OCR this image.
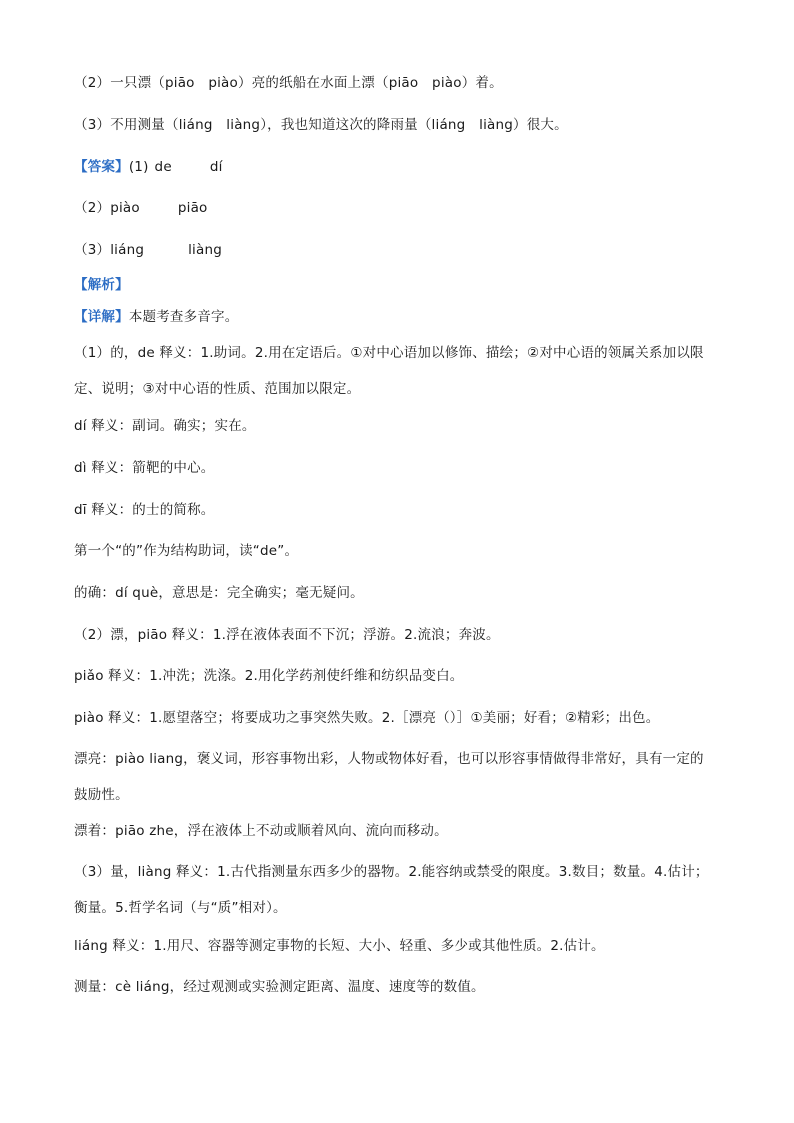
（2）一只漂（piāo　piào）亮的纸船在水面上漂（piāo　piào）着。
（3）不用测量（liáng　liàng），我也知道这次的降雨量（liáng　liàng）很大。
【答案】(1) de	dí
（2）piào	piāo
（3）liáng	liàng
【解析】
【详解】本题考查多音字。
（1）的，de 释义：1.助词。2.用在定语后。①对中心语加以修饰、描绘；②对中心语的领属关系加以限
定、说明；③对中心语的性质、范围加以限定。
dí 释义：副词。确实；实在。
dì 释义：箭靶的中心。
dī 释义：的士的简称。
第一个“的”作为结构助词，读“de”。
的确：dí què，意思是：完全确实；毫无疑问。
（2）漂，piāo 释义：1.浮在液体表面不下沉；浮游。2.流浪；奔波。
piǎo 释义：1.冲洗；洗涤。2.用化学药剂使纤维和纺织品变白。
piào 释义：1.愿望落空；将要成功之事突然失败。2.［漂亮（）］①美丽；好看；②精彩；出色。
漂亮：piào liang，褒义词，形容事物出彩，人物或物体好看，也可以形容事情做得非常好，具有一定的
鼓励性。
漂着：piāo zhe，浮在液体上不动或顺着风向、流向而移动。
（3）量，liàng 释义：1.古代指测量东西多少的器物。2.能容纳或禁受的限度。3.数目；数量。4.估计；
衡量。5.哲学名词（与“质”相对）。
liáng 释义：1.用尺、容器等测定事物的长短、大小、轻重、多少或其他性质。2.估计。
测量：cè liáng，经过观测或实验测定距离、温度、速度等的数值。
